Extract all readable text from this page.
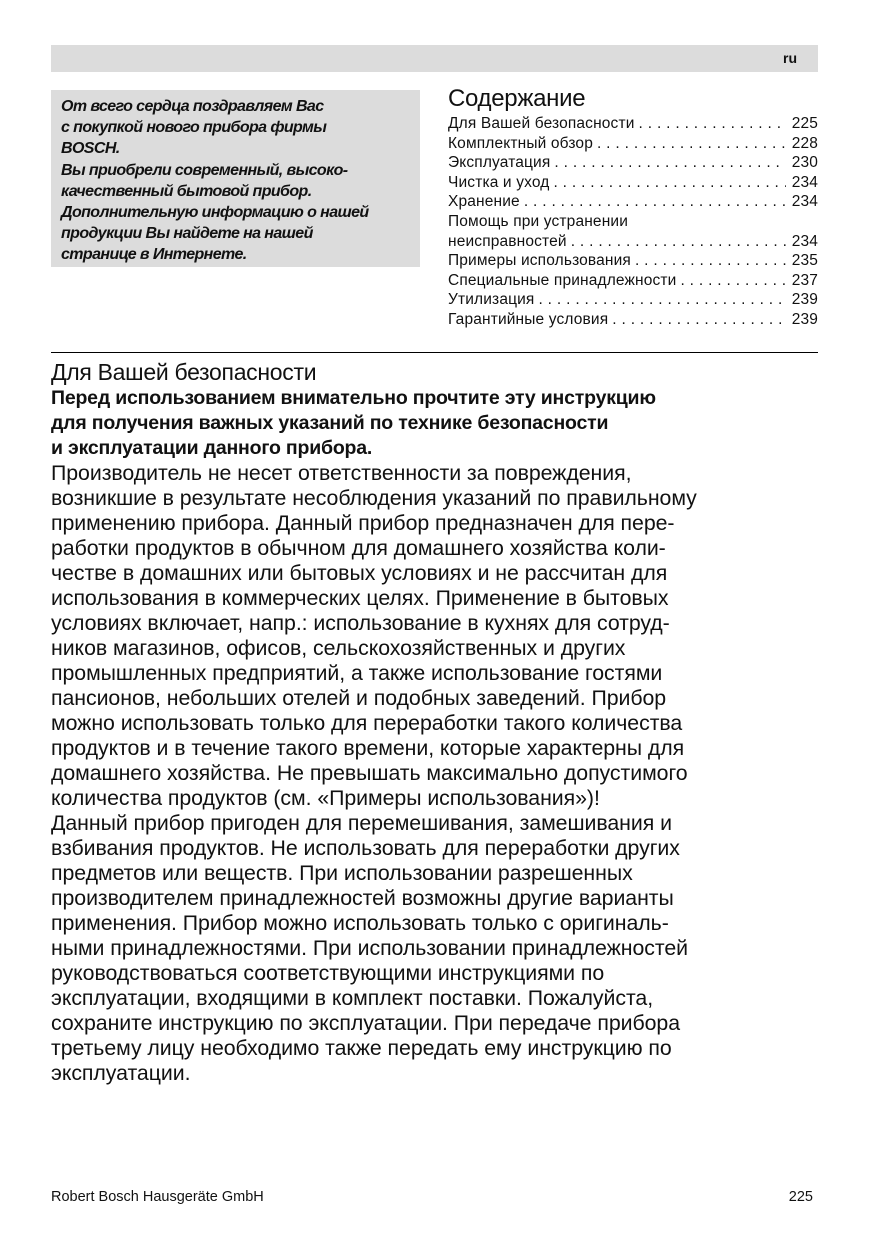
ru
От всего сердца поздравляем Вас
с покупкой нового прибора фирмы
BOSCH.
Вы приобрели современный, высоко-
качественный бытовой прибор.
Дополнительную информацию о нашей
продукции Вы найдете на нашей
странице в Интернете.
Содержание
Для Вашей безопасности . . .	225
Комплектный обзор . . .	228
Эксплуатация . . .	230
Чистка и уход . . .	234
Хранение . . .	234
Помощь при устранении
неисправностей . . .	234
Примеры использования . . .	235
Специальные принадлежности . . .	237
Утилизация . . .	239
Гарантийные условия . . .	239
Для Вашей безопасности
Перед использованием внимательно прочтите эту инструкцию
для получения важных указаний по технике безопасности
и эксплуатации данного прибора.
Производитель не несет ответственности за повреждения,
возникшие в результате несоблюдения указаний по правильному
применению прибора. Данный прибор предназначен для пере-
работки продуктов в обычном для домашнего хозяйства коли-
честве в домашних или бытовых условиях и не рассчитан для
использования в коммерческих целях. Применение в бытовых
условиях включает, напр.: использование в кухнях для сотруд-
ников магазинов, офисов, сельскохозяйственных и других
промышленных предприятий, а также использование гостями
пансионов, небольших отелей и подобных заведений. Прибор
можно использовать только для переработки такого количества
продуктов и в течение такого времени, которые характерны для
домашнего хозяйства. Не превышать максимально допустимого
количества продуктов (см. «Примеры использования»)!
Данный прибор пригоден для перемешивания, замешивания и
взбивания продуктов. Не использовать для переработки других
предметов или веществ. При использовании разрешенных
производителем принадлежностей возможны другие варианты
применения. Прибор можно использовать только с оригиналь-
ными принадлежностями. При использовании принадлежностей
руководствоваться соответствующими инструкциями по
эксплуатации, входящими в комплект поставки. Пожалуйста,
сохраните инструкцию по эксплуатации. При передаче прибора
третьему лицу необходимо также передать ему инструкцию по
эксплуатации.
Robert Bosch Hausgeräte GmbH	225
